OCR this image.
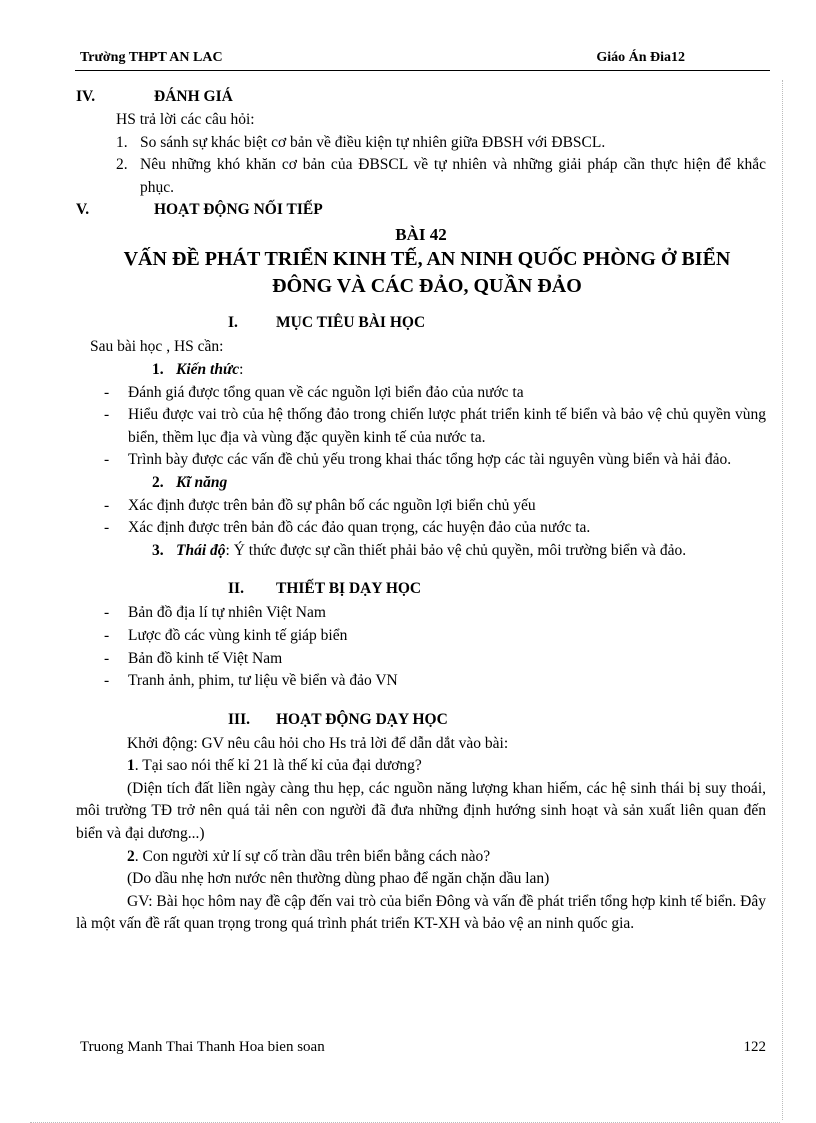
Trường THPT AN LAC	Giáo Án Đia12
IV.	ĐÁNH GIÁ

HS trả lời các câu hỏi:

1. So sánh sự khác biệt cơ bản về điều kiện tự nhiên giữa ĐBSH với ĐBSCL.
2. Nêu những khó khăn cơ bản của ĐBSCL về tự nhiên và những giải pháp cần thực hiện để khắc phục.
V.	HOẠT ĐỘNG NỐI TIẾP
BÀI 42
VẤN ĐỀ PHÁT TRIỂN KINH TẾ, AN NINH QUỐC PHÒNG Ở BIỂN ĐÔNG VÀ CÁC ĐẢO, QUẦN ĐẢO
I. MỤC TIÊU BÀI HỌC

Sau bài học , HS cần:

1. Kiến thức:
- Đánh giá được tổng quan về các nguồn lợi biển đảo của nước ta
- Hiểu được vai trò của hệ thống đảo trong chiến lược phát triển kinh tế biển và bảo vệ chủ quyền vùng biển, thềm lục địa và vùng đặc quyền kinh tế của nước ta.
- Trình bày được các vấn đề chủ yếu trong khai thác tổng hợp các tài nguyên vùng biển và hải đảo.
2. Kĩ năng
- Xác định được trên bản đồ sự phân bố các nguồn lợi biển chủ yếu
- Xác định được trên bản đồ các đảo quan trọng, các huyện đảo của nước ta.
3. Thái độ: Ý thức được sự cần thiết phải bảo vệ chủ quyền, môi trường biển và đảo.
II. THIẾT BỊ DẠY HỌC
- Bản đồ địa lí tự nhiên Việt Nam
- Lược đồ các vùng kinh tế giáp biển
- Bản đồ kinh tế Việt Nam
- Tranh ảnh, phim, tư liệu về biển và đảo VN
III. HOẠT ĐỘNG DẠY HỌC

Khởi động: GV nêu câu hỏi cho Hs trả lời để dẫn dắt vào bài:

1. Tại sao nói thế kỉ 21 là thế kỉ của đại dương?

(Diện tích đất liền ngày càng thu hẹp, các nguồn năng lượng khan hiếm, các hệ sinh thái bị suy thoái, môi trường TĐ trở nên quá tải nên con người đã đưa những định hướng sinh hoạt và sản xuất liên quan đến biển và đại dương...)

2. Con người xử lí sự cố tràn dầu trên biển bằng cách nào?

(Do dầu nhẹ hơn nước nên thường dùng phao để ngăn chặn dầu lan)

GV: Bài học hôm nay đề cập đến vai trò của biển Đông và vấn đề phát triển tổng hợp kinh tế biển. Đây là một vấn đề rất quan trọng trong quá trình phát triển KT-XH và bảo vệ an ninh quốc gia.

Truong Manh Thai Thanh Hoa bien soan	122
